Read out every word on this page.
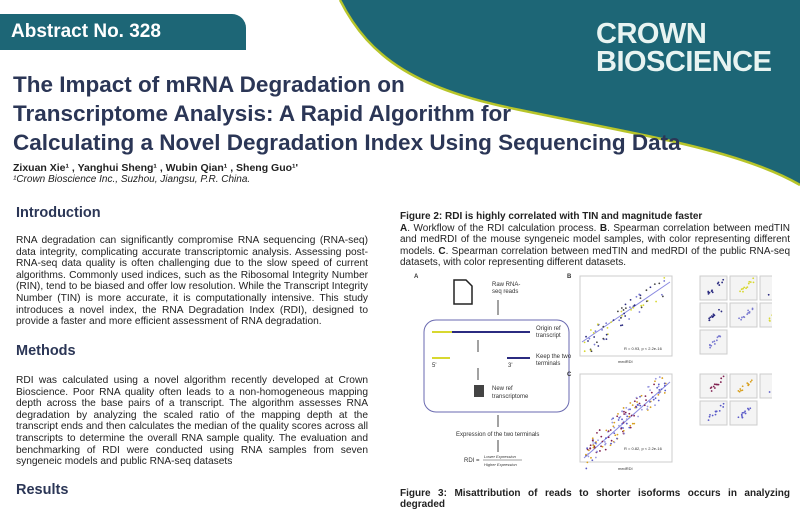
Abstract No. 328	CROWN
BIOSCIENCE
The Impact of mRNA Degradation on
Transcriptome Analysis: A Rapid Algorithm for
Calculating a Novel Degradation Index Using Sequencing Data
Zixuan Xie¹ , Yanghui Sheng¹ , Wubin Qian¹ , Sheng Guo¹'
¹Crown Bioscience Inc., Suzhou, Jiangsu, P.R. China.
Introduction
RNA degradation can significantly compromise RNA sequencing (RNA-seq) data integrity, complicating accurate transcriptomic analysis. Assessing post-RNA-seq data quality is often challenging due to the slow speed of current algorithms. Commonly used indices, such as the Ribosomal Integrity Number (RIN), tend to be biased and offer low resolution. While the Transcript Integrity Number (TIN) is more accurate, it is computationally intensive. This study introduces a novel index, the RNA Degradation Index (RDI), designed to provide a faster and more efficient assessment of RNA degradation.
Methods
RDI was calculated using a novel algorithm recently developed at Crown Bioscience. Poor RNA quality often leads to a non-homogeneous mapping depth across the base pairs of a transcript. The algorithm assesses RNA degradation by analyzing the scaled ratio of the mapping depth at the transcript ends and then calculates the median of the quality scores across all transcripts to determine the overall RNA sample quality. The evaluation and benchmarking of RDI were conducted using RNA samples from seven syngeneic models and public RNA-seq datasets
Results
Figure 2: RDI is highly correlated with TIN and magnitude faster
A. Workflow of the RDI calculation process. B. Spearman correlation between medTIN and medRDI of the mouse syngeneic model samples, with color representing different models. C. Spearman correlation between medTIN and medRDI of the public RNA-seq datasets, with color representing different datasets.
A
Raw RNA-
seq reads
Origin ref
transcript
5'	3'
Keep the two
terminals
New ref
transcriptome
Expression of the two terminals
RDI =
Lower Expression
Higher Expression
B
R = 0.93, p < 2.2e-16
medRDI
C
R = 0.82, p < 2.2e-16
medRDI
Figure 3: Misattribution of reads to shorter isoforms occurs in analyzing degraded
